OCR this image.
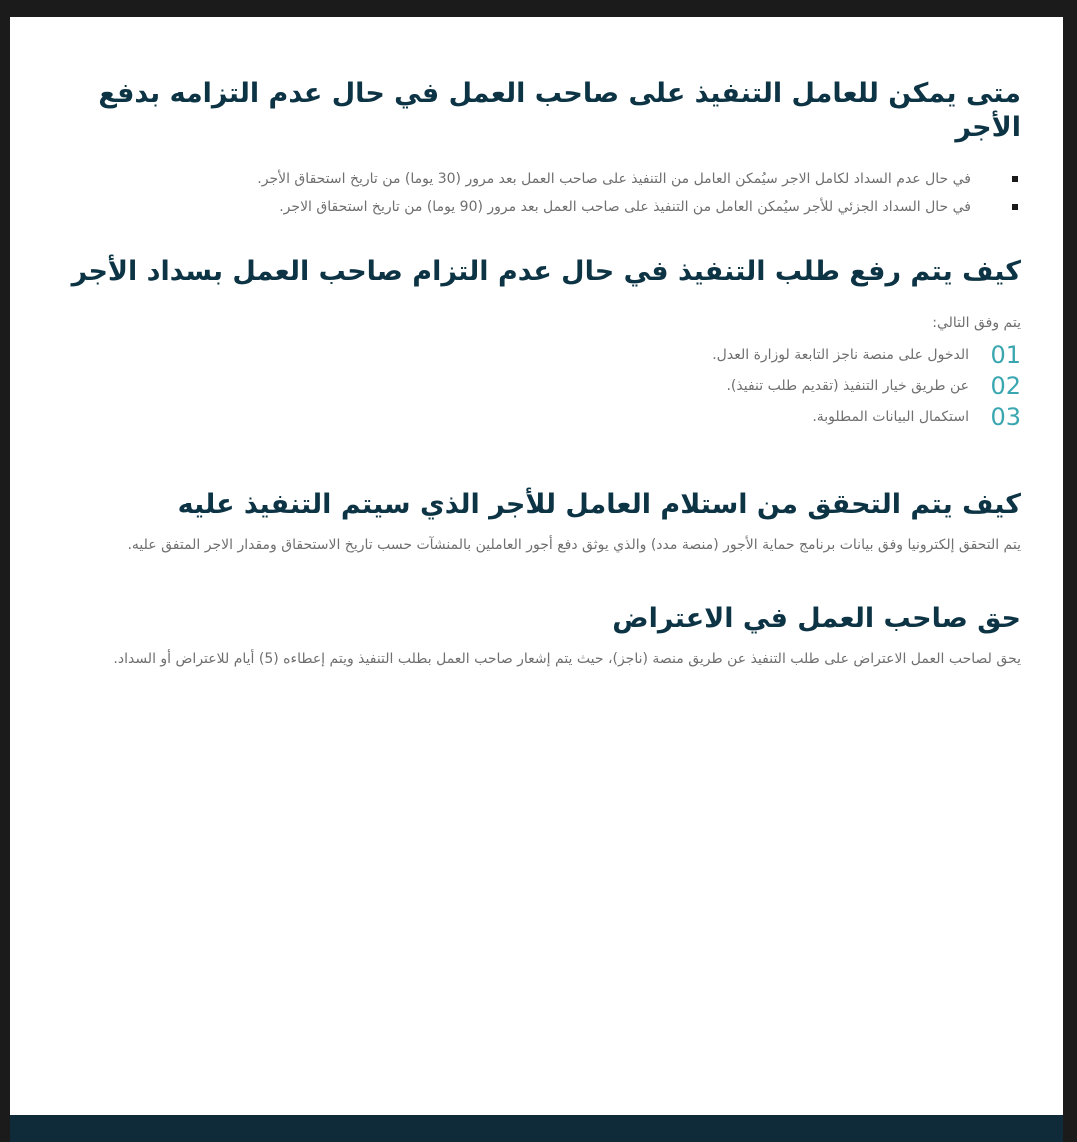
متى يمكن للعامل التنفيذ على صاحب العمل في حال عدم التزامه بدفع الأجر
في حال عدم السداد لكامل الاجر سيُمكن العامل من التنفيذ على صاحب العمل بعد مرور (30 يوما) من تاريخ استحقاق الأجر.
في حال السداد الجزئي للأجر سيُمكن العامل من التنفيذ على صاحب العمل بعد مرور (90 يوما) من تاريخ استحقاق الاجر.
كيف يتم رفع طلب التنفيذ في حال عدم التزام صاحب العمل بسداد الأجر

يتم وفق التالي:

01
الدخول على منصة ناجز التابعة لوزارة العدل.
02
عن طريق خيار التنفيذ (تقديم طلب تنفيذ).
03
استكمال البيانات المطلوبة.
كيف يتم التحقق من استلام العامل للأجر الذي سيتم التنفيذ عليه

يتم التحقق إلكترونيا وفق بيانات برنامج حماية الأجور (منصة مدد) والذي يوثق دفع أجور العاملين بالمنشآت حسب تاريخ الاستحقاق ومقدار الاجر المتفق عليه.

حق صاحب العمل في الاعتراض

يحق لصاحب العمل الاعتراض على طلب التنفيذ عن طريق منصة (ناجز)، حيث يتم إشعار صاحب العمل بطلب التنفيذ ويتم إعطاءه (5) أيام للاعتراض أو السداد.
